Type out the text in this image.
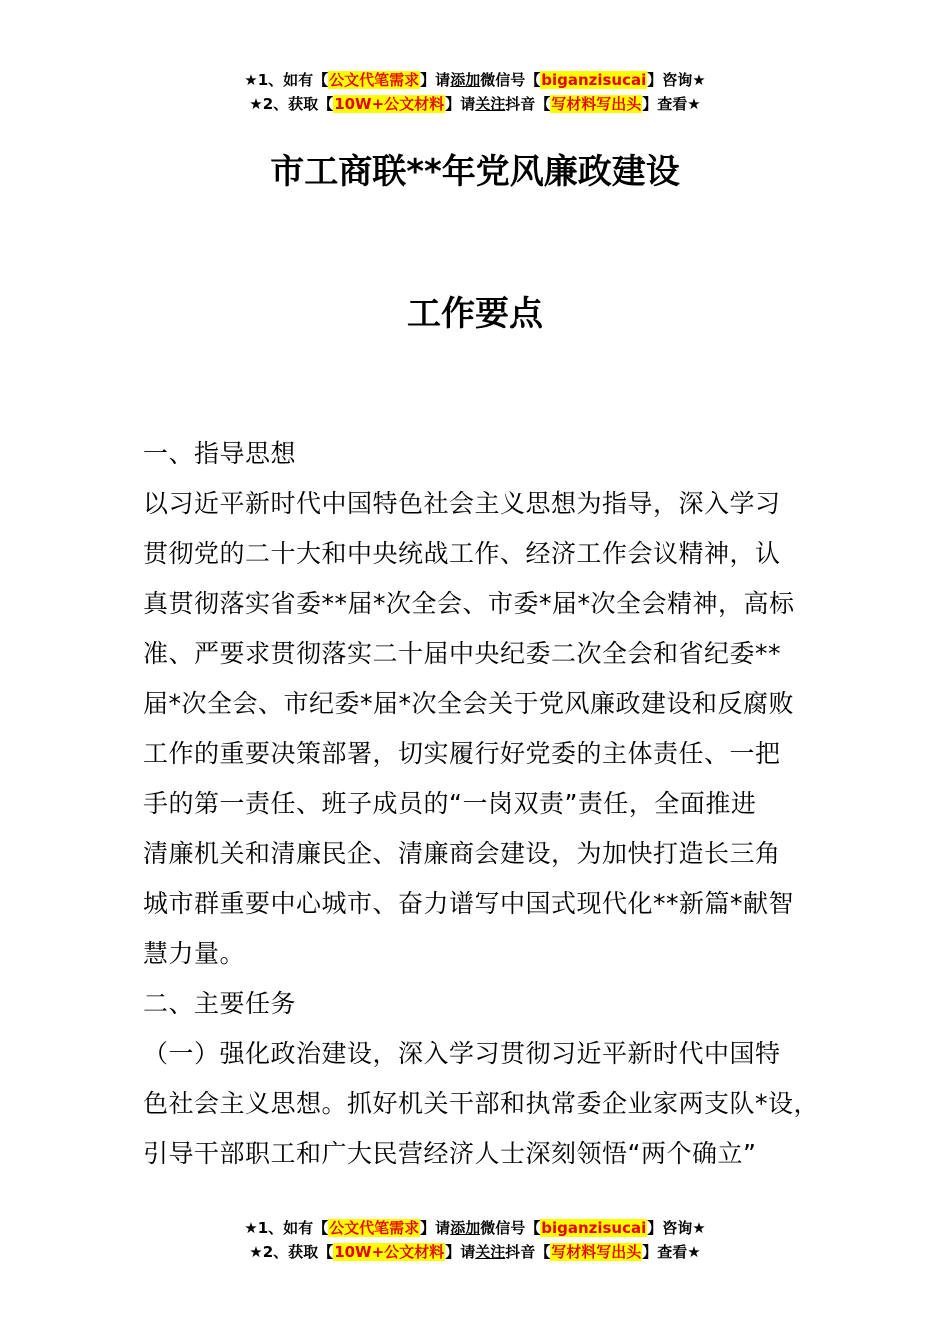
★1、如有【公文代笔需求】请添加微信号【biganzisucai】咨询★
★2、获取【10W+公文材料】请关注抖音【写材料写出头】查看★
市工商联**年党风廉政建设
工作要点

一、指导思想

以习近平新时代中国特色社会主义思想为指导，深入学习

贯彻党的二十大和中央统战工作、经济工作会议精神，认

真贯彻落实省委**届*次全会、市委*届*次全会精神，高标

准、严要求贯彻落实二十届中央纪委二次全会和省纪委**

届*次全会、市纪委*届*次全会关于党风廉政建设和反腐败

工作的重要决策部署，切实履行好党委的主体责任、一把

手的第一责任、班子成员的“一岗双责”责任，全面推进

清廉机关和清廉民企、清廉商会建设，为加快打造长三角

城市群重要中心城市、奋力谱写中国式现代化**新篇*献智

慧力量。

二、主要任务

（一）强化政治建设，深入学习贯彻习近平新时代中国特

色社会主义思想。抓好机关干部和执常委企业家两支队*设，

引导干部职工和广大民营经济人士深刻领悟“两个确立”

★1、如有【公文代笔需求】请添加微信号【biganzisucai】咨询★
★2、获取【10W+公文材料】请关注抖音【写材料写出头】查看★
